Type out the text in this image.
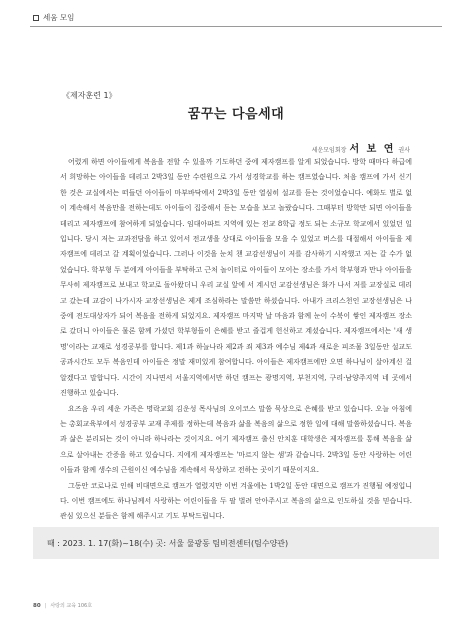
세움 모임
《제자훈련 1》
꿈꾸는 다음세대
세운모임회장 서 보 연 권사

어렸게 하면 아이들에게 복음을 전할 수 있을까 기도하던 중에 제자캠프를 알게 되었습니다. 방학 때마다 하급에서 희망하는 아이들을 데리고 2박3일 동안 수련원으로 가서 성경학교를 하는 캠프였습니다. 처음 캠프에 가서 신기한 것은 교실에서는 떠들던 아이들이 마부바닥에서 2박3일 동안 열심히 설교를 듣는 것이었습니다. 예화도 별로 없이 계속해서 복음만을 전하는데도 아이들이 집중해서 듣는 모습을 보고 놀랐습니다. 그때부터 방학만 되면 아이들을 데리고 제자캠프에 참여하게 되었습니다. 임대아파트 지역에 있는 전교 8학급 정도 되는 소규모 학교에서 있었던 일입니다. 당시 저는 교과전담을 하고 있어서 전교생을 상대로 아이들을 모을 수 있었고 버스를 대절해서 아이들을 제자캠프에 데리고 갈 계획이었습니다. 그러나 이것을 눈치 챈 교감선생님이 저를 감사하기 시작했고 저는 갈 수가 없었습니다. 학부형 두 분에게 아이들을 부탁하고 근처 놀이터로 아이들이 모이는 장소를 가서 학부형과 만나 아이들을 무사히 제자캠프로 보내고 학교로 돌아왔더니 우리 교실 앞에 서 계시던 교감선생님은 화가 나서 저를 교장실로 데리고 갔는데 교감이 나가시자 교장선생님은 제게 조심하라는 말씀만 하셨습니다. 아내가 크리스천인 교장선생님은 나중에 전도대상자가 되어 복음을 전하게 되었지요. 제자캠프 마지막 날 마음과 함께 눈이 수북이 쌓인 제자캠프 장소로 갔더니 아이들은 물론 함께 가셨던 학부형들이 은혜를 받고 즐겁게 헌신하고 계셨습니다. 제자캠프에서는 '새 생명'이라는 교재로 성경공부를 합니다. 제1과 하늘나라 제2과 죄 제3과 예수님 제4과 새로운 피조물 3일동안 설교도 공과시간도 모두 복음인데 아이들은 정말 재미있게 참여합니다. 아이들은 제자캠프에만 오면 하나님이 살아계신 걸 알겠다고 말합니다. 시간이 지나면서 서울지역에서만 하던 캠프는 광명지역, 부천지역, 구리·남양주지역 네 곳에서 진행하고 있습니다.

요즈음 우리 세운 가족은 명락교회 김운성 목사님의 오이코스 말씀 묵상으로 은혜를 받고 있습니다. 오늘 아침에는 총회교육부에서 성경공부 교재 주제를 정하는데 복음과 삶을 복음의 삶으로 정한 일에 대해 말씀하셨습니다. 복음과 삶은 분리되는 것이 아니라 하나라는 것이지요. 여기 제자캠프 출신 안치훈 대학생은 제자캠프를 통해 복음을 삶으로 살아내는 간증을 하고 있습니다. 지에게 제자캠프는 '마르지 않는 샘'과 같습니다. 2박3일 동안 사랑하는 어린이들과 함께 생수의 근원이신 예수님을 계속해서 묵상하고 전하는 곳이기 때문이지요.

그동안 코로나로 인해 비대면으로 캠프가 열렸지만 이번 겨울에는 1박2일 동안 대면으로 캠프가 진행될 예정입니다. 이번 캠프에도 하나님께서 사랑하는 어린이들을 두 팔 벌려 안아주시고 복음의 삶으로 인도하실 것을 믿습니다. 관심 있으신 분들은 함께 해주시고 기도 부탁드립니다.

때 : 2023. 1. 17(화)~18(수) 곳: 서울 물광동 팀비전센터(팀수양관)
80 | 사랑의 교육 106호
